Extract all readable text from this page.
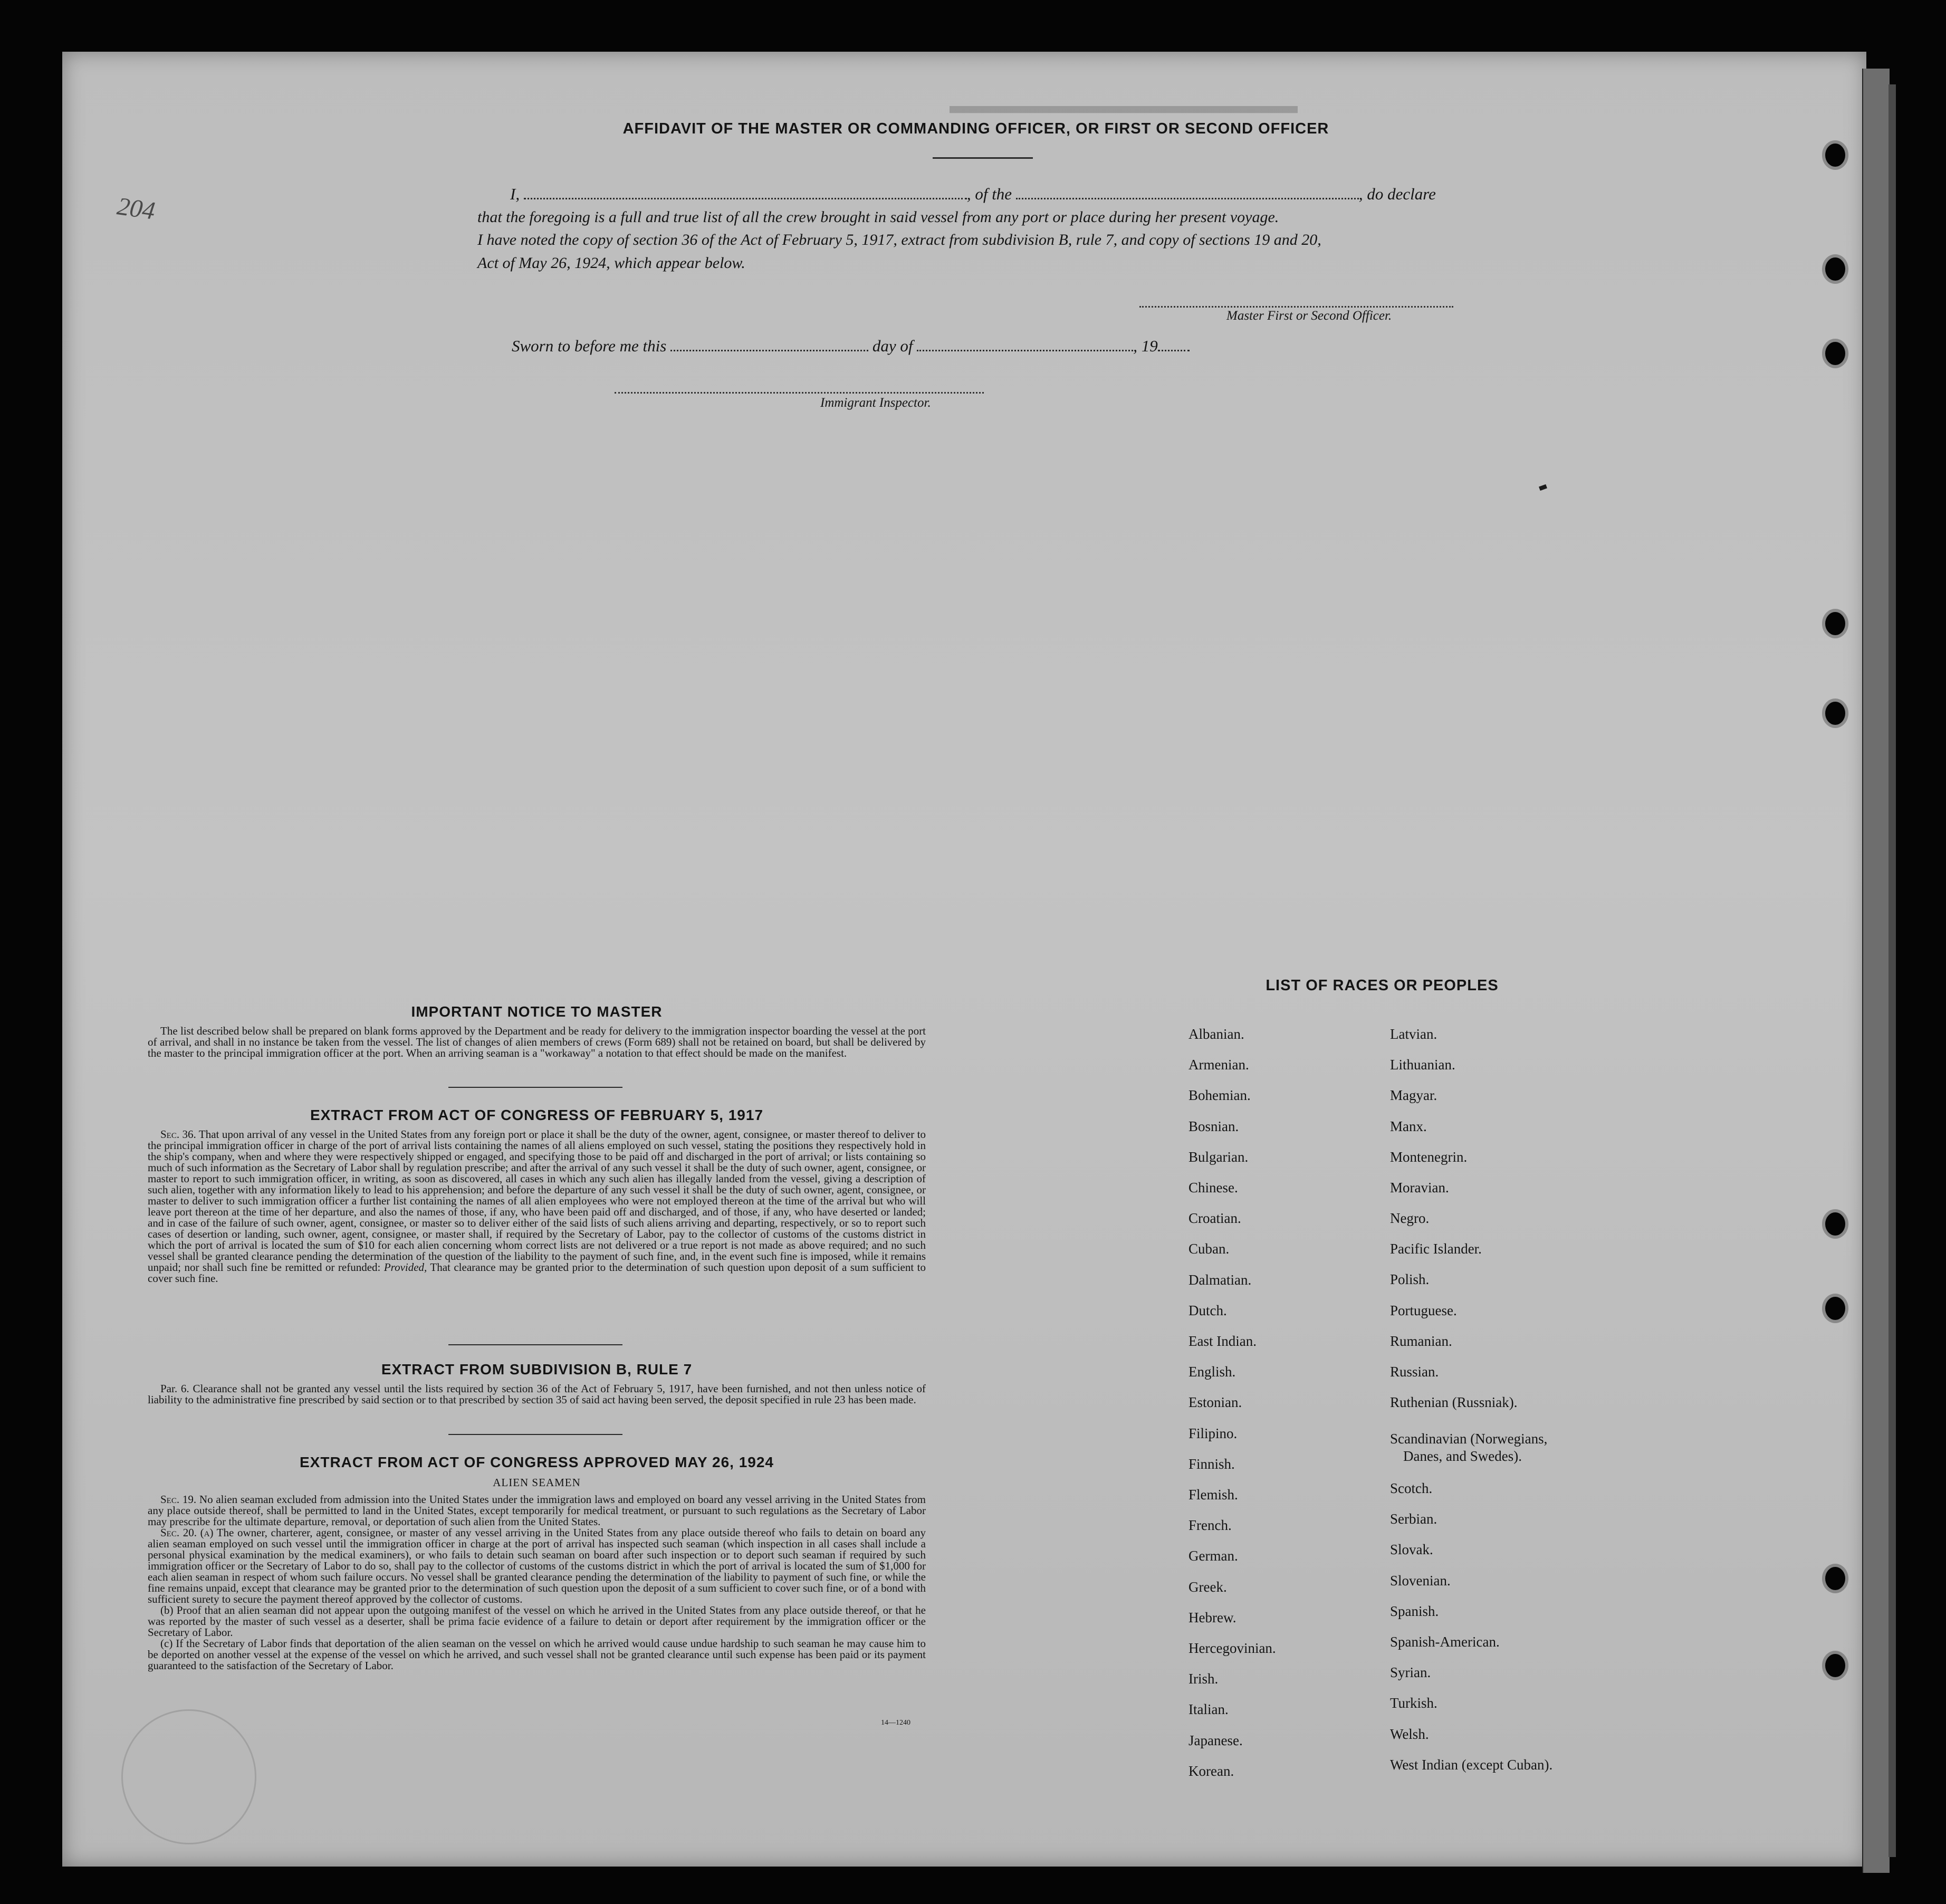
▬▬▬▬▬▬▬▬▬▬▬▬▬▬▬
204
AFFIDAVIT OF THE MASTER OR COMMANDING OFFICER, OR FIRST OR SECOND OFFICER
I,	, of the	, do declare
that the foregoing is a full and true list of all the crew brought in said vessel from any port or place during her present voyage.
I have noted the copy of section 36 of the Act of February 5, 1917, extract from subdivision B, rule 7, and copy of sections 19 and 20,
Act of May 26, 1924, which appear below.
Master First or Second Officer.
Sworn to before me this	day of	, 19
Immigrant Inspector.
IMPORTANT NOTICE TO MASTER
The list described below shall be prepared on blank forms approved by the Department and be ready for delivery to the immigration inspector boarding the vessel at the port of arrival, and shall in no instance be taken from the vessel. The list of changes of alien members of crews (Form 689) shall not be retained on board, but shall be delivered by the master to the principal immigration officer at the port. When an arriving seaman is a "workaway" a notation to that effect should be made on the manifest.
EXTRACT FROM ACT OF CONGRESS OF FEBRUARY 5, 1917
Sec. 36. That upon arrival of any vessel in the United States from any foreign port or place it shall be the duty of the owner, agent, consignee, or master thereof to deliver to the principal immigration officer in charge of the port of arrival lists containing the names of all aliens employed on such vessel, stating the positions they respectively hold in the ship's company, when and where they were respectively shipped or engaged, and specifying those to be paid off and discharged in the port of arrival; or lists containing so much of such information as the Secretary of Labor shall by regulation prescribe; and after the arrival of any such vessel it shall be the duty of such owner, agent, consignee, or master to report to such immigration officer, in writing, as soon as discovered, all cases in which any such alien has illegally landed from the vessel, giving a description of such alien, together with any information likely to lead to his apprehension; and before the departure of any such vessel it shall be the duty of such owner, agent, consignee, or master to deliver to such immigration officer a further list containing the names of all alien employees who were not employed thereon at the time of the arrival but who will leave port thereon at the time of her departure, and also the names of those, if any, who have been paid off and discharged, and of those, if any, who have deserted or landed; and in case of the failure of such owner, agent, consignee, or master so to deliver either of the said lists of such aliens arriving and departing, respectively, or so to report such cases of desertion or landing, such owner, agent, consignee, or master shall, if required by the Secretary of Labor, pay to the collector of customs of the customs district in which the port of arrival is located the sum of $10 for each alien concerning whom correct lists are not delivered or a true report is not made as above required; and no such vessel shall be granted clearance pending the determination of the question of the liability to the payment of such fine, and, in the event such fine is imposed, while it remains unpaid; nor shall such fine be remitted or refunded: Provided, That clearance may be granted prior to the determination of such question upon deposit of a sum sufficient to cover such fine.
EXTRACT FROM SUBDIVISION B, RULE 7
Par. 6. Clearance shall not be granted any vessel until the lists required by section 36 of the Act of February 5, 1917, have been furnished, and not then unless notice of liability to the administrative fine prescribed by said section or to that prescribed by section 35 of said act having been served, the deposit specified in rule 23 has been made.
EXTRACT FROM ACT OF CONGRESS APPROVED MAY 26, 1924
ALIEN SEAMEN
Sec. 19. No alien seaman excluded from admission into the United States under the immigration laws and employed on board any vessel arriving in the United States from any place outside thereof, shall be permitted to land in the United States, except temporarily for medical treatment, or pursuant to such regulations as the Secretary of Labor may prescribe for the ultimate departure, removal, or deportation of such alien from the United States.
Sec. 20. (a) The owner, charterer, agent, consignee, or master of any vessel arriving in the United States from any place outside thereof who fails to detain on board any alien seaman employed on such vessel until the immigration officer in charge at the port of arrival has inspected such seaman (which inspection in all cases shall include a personal physical examination by the medical examiners), or who fails to detain such seaman on board after such inspection or to deport such seaman if required by such immigration officer or the Secretary of Labor to do so, shall pay to the collector of customs of the customs district in which the port of arrival is located the sum of $1,000 for each alien seaman in respect of whom such failure occurs. No vessel shall be granted clearance pending the determination of the liability to payment of such fine, or while the fine remains unpaid, except that clearance may be granted prior to the determination of such question upon the deposit of a sum sufficient to cover such fine, or of a bond with sufficient surety to secure the payment thereof approved by the collector of customs.
(b) Proof that an alien seaman did not appear upon the outgoing manifest of the vessel on which he arrived in the United States from any place outside thereof, or that he was reported by the master of such vessel as a deserter, shall be prima facie evidence of a failure to detain or deport after requirement by the immigration officer or the Secretary of Labor.
(c) If the Secretary of Labor finds that deportation of the alien seaman on the vessel on which he arrived would cause undue hardship to such seaman he may cause him to be deported on another vessel at the expense of the vessel on which he arrived, and such vessel shall not be granted clearance until such expense has been paid or its payment guaranteed to the satisfaction of the Secretary of Labor.
14—1240
LIST OF RACES OR PEOPLES
Albanian.
Armenian.
Bohemian.
Bosnian.
Bulgarian.
Chinese.
Croatian.
Cuban.
Dalmatian.
Dutch.
East Indian.
English.
Estonian.
Filipino.
Finnish.
Flemish.
French.
German.
Greek.
Hebrew.
Hercegovinian.
Irish.
Italian.
Japanese.
Korean.
Latvian.
Lithuanian.
Magyar.
Manx.
Montenegrin.
Moravian.
Negro.
Pacific Islander.
Polish.
Portuguese.
Rumanian.
Russian.
Ruthenian (Russniak).
Scandinavian (Norwegians,
Danes, and Swedes).
Scotch.
Serbian.
Slovak.
Slovenian.
Spanish.
Spanish-American.
Syrian.
Turkish.
Welsh.
West Indian (except Cuban).
